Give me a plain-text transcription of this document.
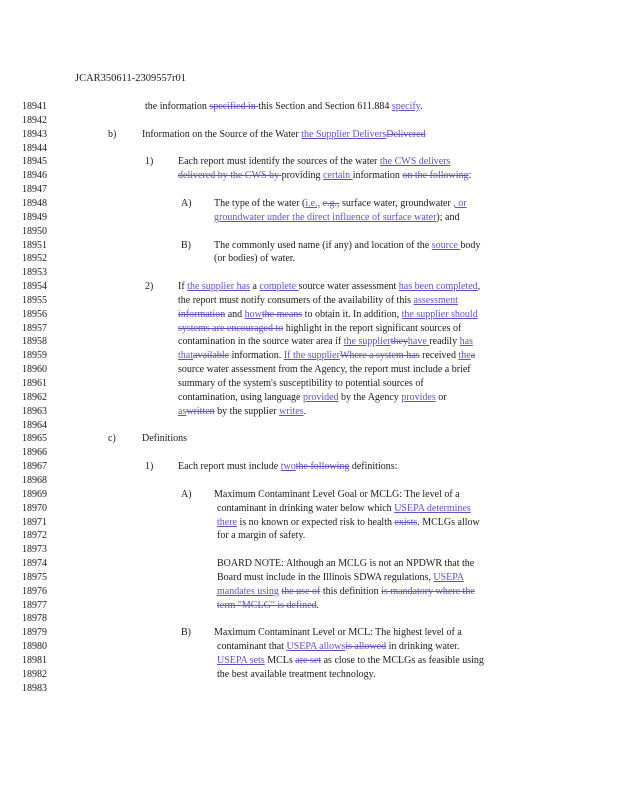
JCAR350611-2309557r01
18941
18942
18943
18944
18945
18946
18947
18948
18949
18950
18951
18952
18953
18954
18955
18956
18957
18958
18959
18960
18961
18962
18963
18964
18965
18966
18967
18968
18969
18970
18971
18972
18973
18974
18975
18976
18977
18978
18979
18980
18981
18982
18983
the information specified in this Section and Section 611.884 specify.
b)	Information on the Source of the Water the Supplier DeliversDelivered
1) Each report must identify the sources of the water the CWS delivers
delivered by the CWS by providing certain information on the following:
A) The type of the water (i.e., e.g., surface water, groundwater , or
groundwater under the direct influence of surface water); and
B) The commonly used name (if any) and location of the source body
(or bodies) of water.
2) If the supplier has a complete source water assessment has been completed,
the report must notify consumers of the availability of this assessment
information and howthe means to obtain it. In addition, the supplier should
systems are encouraged to highlight in the report significant sources of
contamination in the source water area if the suppliertheyhave readily has
thatavailable information. If the supplierWhere a system has received thea
source water assessment from the Agency, the report must include a brief
summary of the system's susceptibility to potential sources of
contamination, using language provided by the Agency provides or
aswritten by the supplier writes.
c)	Definitions
1) Each report must include twothe following definitions:
A) Maximum Contaminant Level Goal or MCLG: The level of a
contaminant in drinking water below which USEPA determines
there is no known or expected risk to health exists. MCLGs allow
for a margin of safety.
BOARD NOTE: Although an MCLG is not an NPDWR that the
Board must include in the Illinois SDWA regulations, USEPA
mandates using the use of this definition is mandatory where the
term "MCLG" is defined.
B) Maximum Contaminant Level or MCL: The highest level of a
contaminant that USEPA allowsis allowed in drinking water.
USEPA sets MCLs are set as close to the MCLGs as feasible using
the best available treatment technology.
